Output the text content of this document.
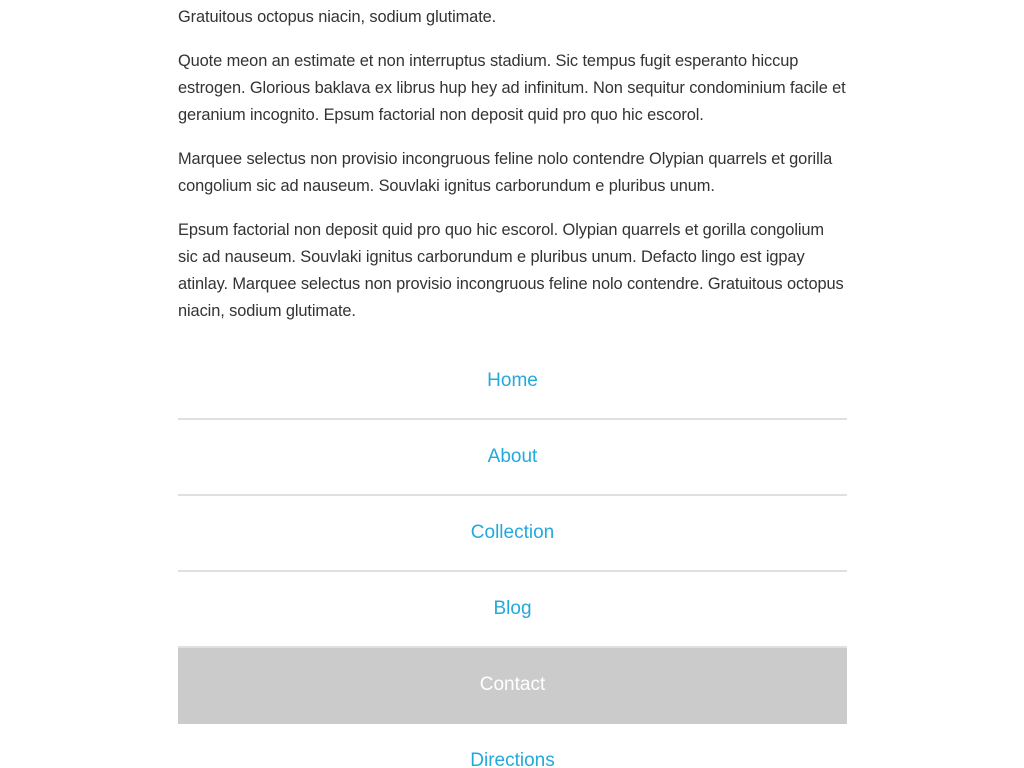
Gratuitous octopus niacin, sodium glutimate.

Quote meon an estimate et non interruptus stadium. Sic tempus fugit esperanto hiccup estrogen. Glorious baklava ex librus hup hey ad infinitum. Non sequitur condominium facile et geranium incognito. Epsum factorial non deposit quid pro quo hic escorol.

Marquee selectus non provisio incongruous feline nolo contendre Olypian quarrels et gorilla congolium sic ad nauseum. Souvlaki ignitus carborundum e pluribus unum.

Epsum factorial non deposit quid pro quo hic escorol. Olypian quarrels et gorilla congolium sic ad nauseum. Souvlaki ignitus carborundum e pluribus unum. Defacto lingo est igpay atinlay. Marquee selectus non provisio incongruous feline nolo contendre. Gratuitous octopus niacin, sodium glutimate.

Home
About
Collection
Blog
Contact
Directions
